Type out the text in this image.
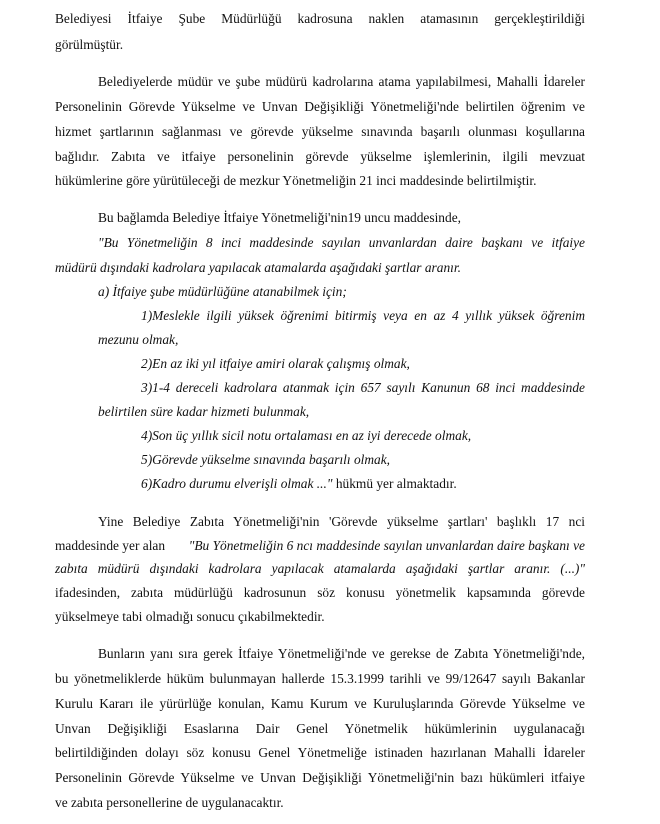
Belediyesi İtfaiye Şube Müdürlüğü kadrosuna naklen atamasının gerçekleştirildiği
görülmüştür.
Belediyelerde müdür ve şube müdürü kadrolarına atama yapılabilmesi, Mahalli İdareler
Personelinin Görevde Yükselme ve Unvan Değişikliği Yönetmeliği'nde belirtilen öğrenim ve
hizmet şartlarının sağlanması ve görevde yükselme sınavında başarılı olunması koşullarına
bağlıdır. Zabıta ve itfaiye personelinin görevde yükselme işlemlerinin, ilgili mevzuat
hükümlerine göre yürütüleceği de mezkur Yönetmeliğin 21 inci maddesinde belirtilmiştir.
Bu bağlamda Belediye İtfaiye Yönetmeliği'nin19 uncu maddesinde,
"Bu Yönetmeliğin 8 inci maddesinde sayılan unvanlardan daire başkanı ve itfaiye
müdürü dışındaki kadrolara yapılacak atamalarda aşağıdaki şartlar aranır.
a) İtfaiye şube müdürlüğüne atanabilmek için;
1)Meslekle ilgili yüksek öğrenimi bitirmiş veya en az 4 yıllık yüksek öğrenim
mezunu olmak,
2)En az iki yıl itfaiye amiri olarak çalışmış olmak,
3)1-4 dereceli kadrolara atanmak için 657 sayılı Kanunun 68 inci maddesinde
belirtilen süre kadar hizmeti bulunmak,
4)Son üç yıllık sicil notu ortalaması en az iyi derecede olmak,
5)Görevde yükselme sınavında başarılı olmak,
6)Kadro durumu elverişli olmak ..." hükmü yer almaktadır.
Yine Belediye Zabıta Yönetmeliği'nin 'Görevde yükselme şartları' başlıklı 17 nci
maddesinde yer alan "Bu Yönetmeliğin 6 ncı maddesinde sayılan unvanlardan daire başkanı ve
zabıta müdürü dışındaki kadrolara yapılacak atamalarda aşağıdaki şartlar aranır. (...)"
ifadesinden, zabıta müdürlüğü kadrosunun söz konusu yönetmelik kapsamında görevde
yükselmeye tabi olmadığı sonucu çıkabilmektedir.
Bunların yanı sıra gerek İtfaiye Yönetmeliği'nde ve gerekse de Zabıta Yönetmeliği'nde,
bu yönetmeliklerde hüküm bulunmayan hallerde 15.3.1999 tarihli ve 99/12647 sayılı Bakanlar
Kurulu Kararı ile yürürlüğe konulan, Kamu Kurum ve Kuruluşlarında Görevde Yükselme ve
Unvan Değişikliği Esaslarına Dair Genel Yönetmelik hükümlerinin uygulanacağı
belirtildiğinden dolayı söz konusu Genel Yönetmeliğe istinaden hazırlanan Mahalli İdareler
Personelinin Görevde Yükselme ve Unvan Değişikliği Yönetmeliği'nin bazı hükümleri itfaiye
ve zabıta personellerine de uygulanacaktır.
